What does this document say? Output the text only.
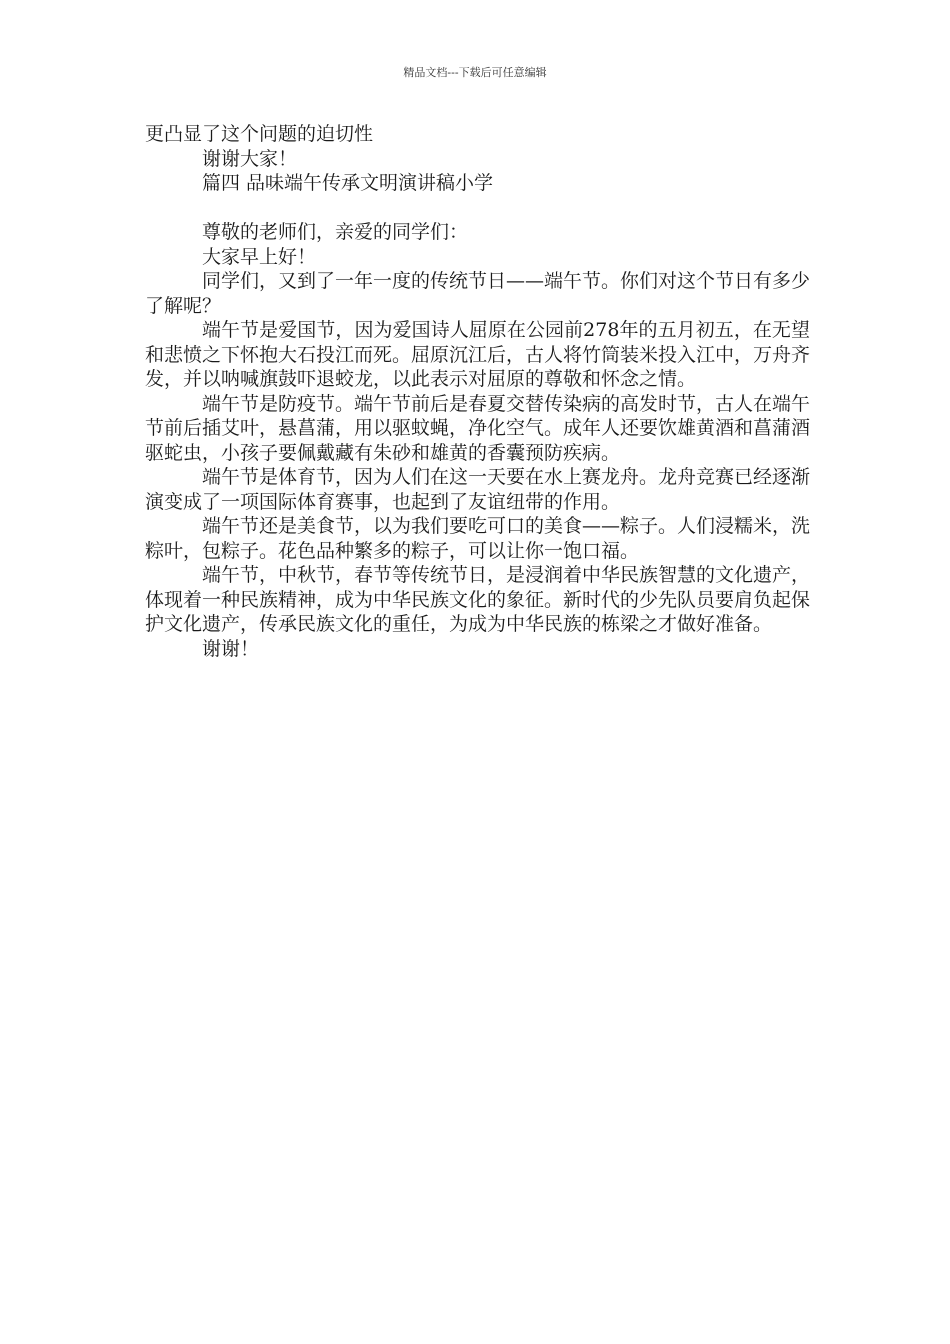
精品文档---下载后可任意编辑

更凸显了这个问题的迫切性

谢谢大家！

篇四 品味端午传承文明演讲稿小学

尊敬的老师们，亲爱的同学们：

大家早上好！

同学们，又到了一年一度的传统节日——端午节。你们对这个节日有多少了解呢？

端午节是爱国节，因为爱国诗人屈原在公园前278年的五月初五，在无望和悲愤之下怀抱大石投江而死。屈原沉江后，古人将竹筒装米投入江中，万舟齐发，并以呐喊旗鼓吓退蛟龙，以此表示对屈原的尊敬和怀念之情。

端午节是防疫节。端午节前后是春夏交替传染病的高发时节，古人在端午节前后插艾叶，悬菖蒲，用以驱蚊蝇，净化空气。成年人还要饮雄黄酒和菖蒲酒驱蛇虫，小孩子要佩戴藏有朱砂和雄黄的香囊预防疾病。

端午节是体育节，因为人们在这一天要在水上赛龙舟。龙舟竞赛已经逐渐演变成了一项国际体育赛事，也起到了友谊纽带的作用。

端午节还是美食节，以为我们要吃可口的美食——粽子。人们浸糯米，洗粽叶，包粽子。花色品种繁多的粽子，可以让你一饱口福。

端午节，中秋节，春节等传统节日，是浸润着中华民族智慧的文化遗产，体现着一种民族精神，成为中华民族文化的象征。新时代的少先队员要肩负起保护文化遗产，传承民族文化的重任，为成为中华民族的栋梁之才做好准备。

谢谢！
